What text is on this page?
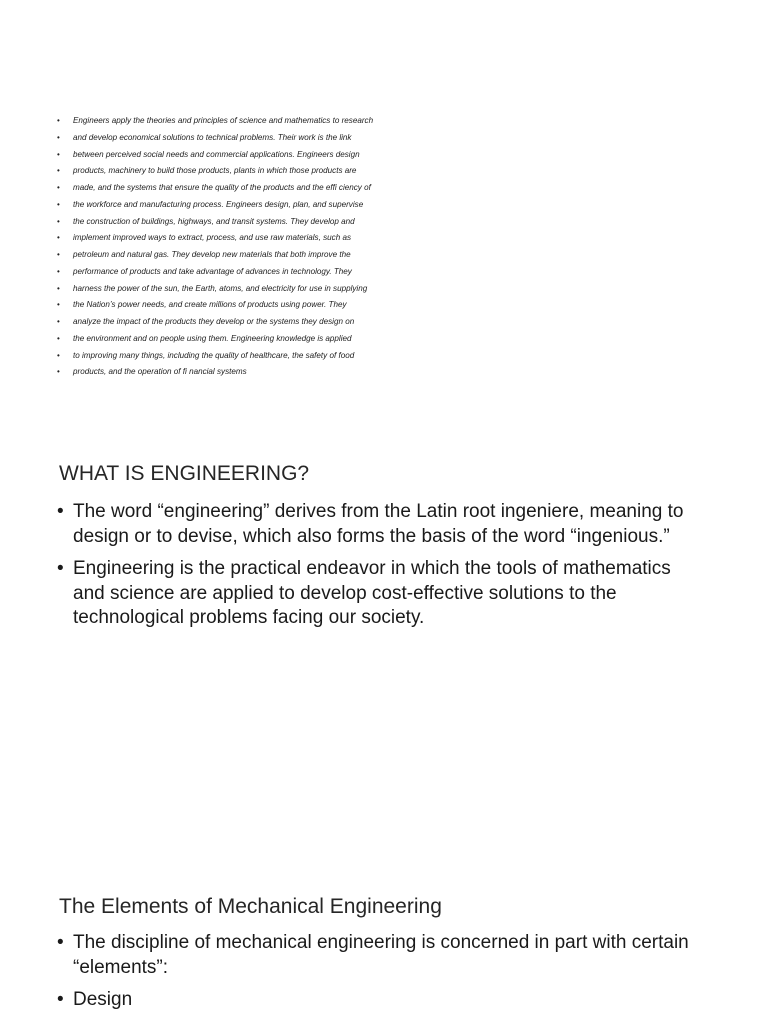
•	Engineers apply the theories and principles of science and mathematics to research
•	and develop economical solutions to technical problems. Their work is the link
•	between perceived social needs and commercial applications. Engineers design
•	products, machinery to build those products, plants in which those products are
•	made, and the systems that ensure the quality of the products and the effi ciency of
•	the workforce and manufacturing process. Engineers design, plan, and supervise
•	the construction of buildings, highways, and transit systems. They develop and
•	implement improved ways to extract, process, and use raw materials, such as
•	petroleum and natural gas. They develop new materials that both improve the
•	performance of products and take advantage of advances in technology. They
•	harness the power of the sun, the Earth, atoms, and electricity for use in supplying
•	the Nation’s power needs, and create millions of products using power. They
•	analyze the impact of the products they develop or the systems they design on
•	the environment and on people using them. Engineering knowledge is applied
•	to improving many things, including the quality of healthcare, the safety of food
•	products, and the operation of fi nancial systems
WHAT IS ENGINEERING?
• The word “engineering” derives from the Latin root ingeniere, meaning to design or to devise, which also forms the basis of the word “ingenious.”
• Engineering is the practical endeavor in which the tools of mathematics and science are applied to develop cost-effective solutions to the technological problems facing our society.
The Elements of Mechanical Engineering
• The discipline of mechanical engineering is concerned in part with certain “elements”:
• Design
